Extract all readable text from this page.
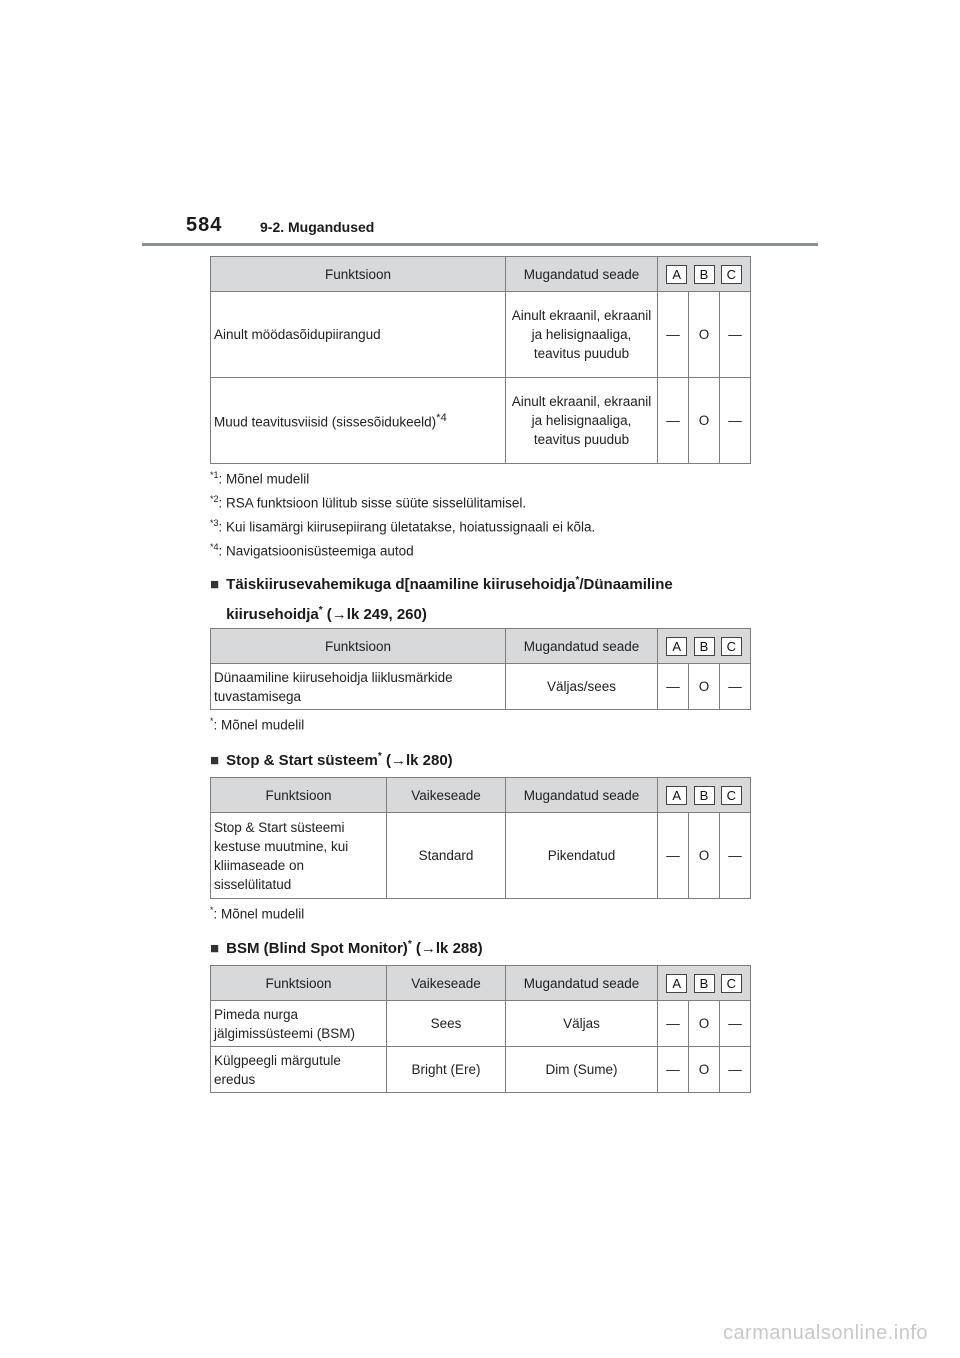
584	9-2. Mugandused
Funktsioon	Mugandatud seade	A B C		

Ainult möödasõidupiirangud	Ainult ekraanil, ekraanil ja helisignaaliga, teavitus puudub	—	O	—
Muud teavitusviisid (sissesõidukeeld)$^{*4}$	Ainult ekraanil, ekraanil ja helisignaaliga, teavitus puudub	—	O	—
$^{*1}$: Mõnel mudelil
$^{*2}$: RSA funktsioon lülitub sisse süüte sisselülitamisel.
$^{*3}$: Kui lisamärgi kiirusepiirang ületatakse, hoiatussignaali ei kõla.
$^{*4}$: Navigatsioonisüsteemiga autod
■ Täiskiirusevahemikuga d[naamiline kiirusehoidja*/Dünaamiline
kiirusehoidja* (→lk 249, 260)
Funktsioon	Mugandatud seade	A B C		

Dünaamiline kiirusehoidja liiklusmärkide tuvastamisega	Väljas/sees	—	O	—
*: Mõnel mudelil
■ Stop & Start süsteem* (→lk 280)
Funktsioon	Vaikeseade	Mugandatud seade	A B C		

Stop & Start süsteemi kestuse muutmine, kui kliimaseade on sisselülitatud	Standard	Pikendatud	—	O	—
*: Mõnel mudelil
■ BSM (Blind Spot Monitor)* (→lk 288)
Funktsioon	Vaikeseade	Mugandatud seade	A B C		

Pimeda nurga jälgimissüsteemi (BSM)	Sees	Väljas	—	O	—
Külgpeegli märgutule eredus	Bright (Ere)	Dim (Sume)	—	O	—
carmanualsonline.info
